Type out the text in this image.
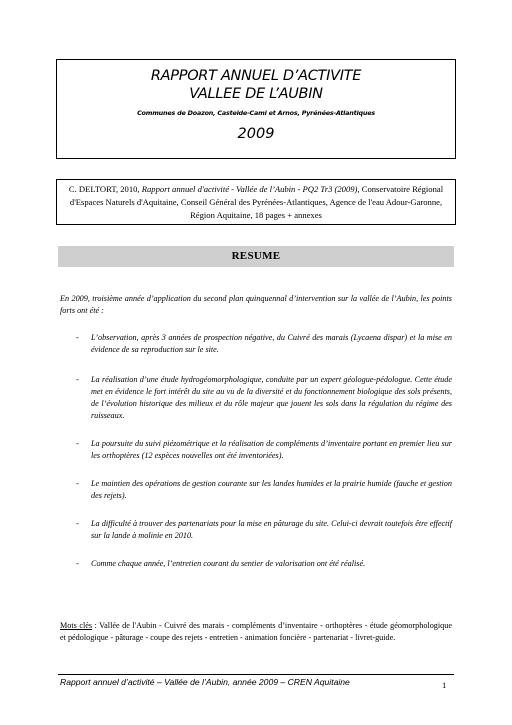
RAPPORT ANNUEL D’ACTIVITE
VALLEE DE L’AUBIN
Communes de Doazon, Casteide-Cami et Arnos, Pyrénées-Atlantiques
2009
C. DELTORT, 2010, Rapport annuel d'activité - Vallée de l’Aubin - PQ2 Tr3 (2009), Conservatoire Régional d'Espaces Naturels d'Aquitaine, Conseil Général des Pyrénées-Atlantiques, Agence de l'eau Adour-Garonne, Région Aquitaine, 18 pages + annexes
RESUME
En 2009, troisième année d’application du second plan quinquennal d’intervention sur la vallée de l’Aubin, les points forts ont été :
- L’observation, après 3 années de prospection négative, du Cuivré des marais (Lycaena dispar) et la mise en évidence de sa reproduction sur le site.
- La réalisation d’une étude hydrogéomorphologique, conduite par un expert géologue-pédologue. Cette étude met en évidence le fort intérêt du site au vu de la diversité et du fonctionnement biologique des sols présents, de l’évolution historique des milieux et du rôle majeur que jouent les sols dans la régulation du régime des ruisseaux.
- La poursuite du suivi piézométrique et la réalisation de compléments d’inventaire portant en premier lieu sur les orthoptères (12 espèces nouvelles ont été inventoriées).
- Le maintien des opérations de gestion courante sur les landes humides et la prairie humide (fauche et gestion des rejets).
- La difficulté à trouver des partenariats pour la mise en pâturage du site. Celui-ci devrait toutefois être effectif sur la lande à molinie en 2010.
- Comme chaque année, l’entretien courant du sentier de valorisation ont été réalisé.
Mots clés : Vallée de l'Aubin - Cuivré des marais - compléments d’inventaire - orthoptères - étude géomorphologique et pédologique - pâturage - coupe des rejets - entretien - animation foncière - partenariat - livret-guide.
Rapport annuel d’activité – Vallée de l’Aubin, année 2009 – CREN Aquitaine	1
